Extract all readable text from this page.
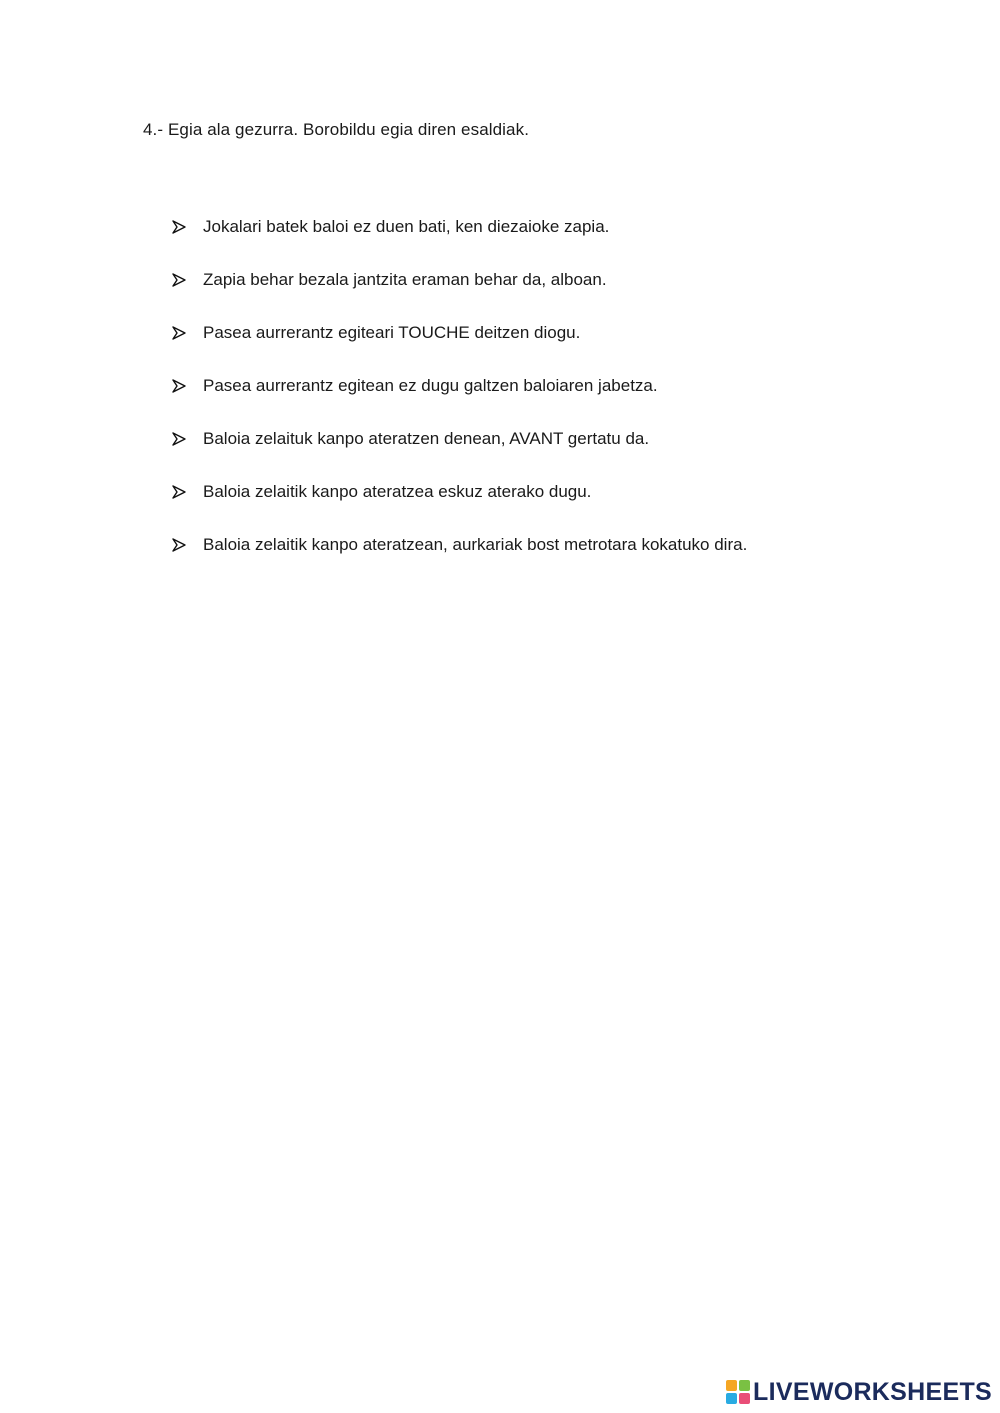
4.- Egia ala gezurra. Borobildu egia diren esaldiak.
Jokalari batek baloi ez duen bati, ken diezaioke zapia.
Zapia behar bezala jantzita eraman behar da, alboan.
Pasea aurrerantz egiteari TOUCHE deitzen diogu.
Pasea aurrerantz egitean ez dugu galtzen baloiaren jabetza.
Baloia zelaituk kanpo ateratzen denean, AVANT gertatu da.
Baloia zelaitik kanpo ateratzea eskuz aterako dugu.
Baloia zelaitik kanpo ateratzean, aurkariak bost metrotara kokatuko dira.
LIVEWORKSHEETS
